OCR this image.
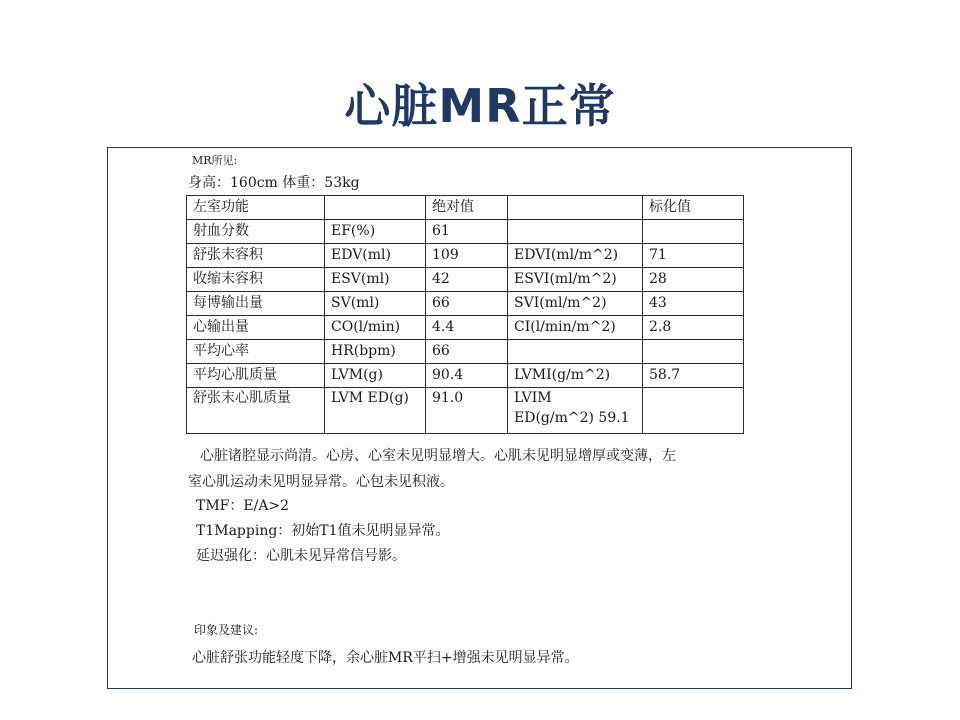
心脏MR正常
MR所见:
身高：160cm 体重：53kg
左室功能		绝对值		标化值
射血分数	EF(%)	61		
舒张末容积	EDV(ml)	109	EDVI(ml/m^2)	71
收缩末容积	ESV(ml)	42	ESVI(ml/m^2)	28
每博输出量	SV(ml)	66	SVI(ml/m^2)	43
心输出量	CO(l/min)	4.4	CI(l/min/m^2)	2.8
平均心率	HR(bpm)	66		
平均心肌质量	LVM(g)	90.4	LVMI(g/m^2)	58.7
舒张末心肌质量	LVM ED(g)	91.0	LVIM ED(g/m^2) 59.1	
心脏诸腔显示尚清。心房、心室未见明显增大。心肌未见明显增厚或变薄，左
室心肌运动未见明显异常。心包未见积液。
TMF：E/A>2
T1Mapping：初始T1值未见明显异常。
延迟强化：心肌未见异常信号影。
印象及建议:
心脏舒张功能轻度下降，余心脏MR平扫+增强未见明显异常。
